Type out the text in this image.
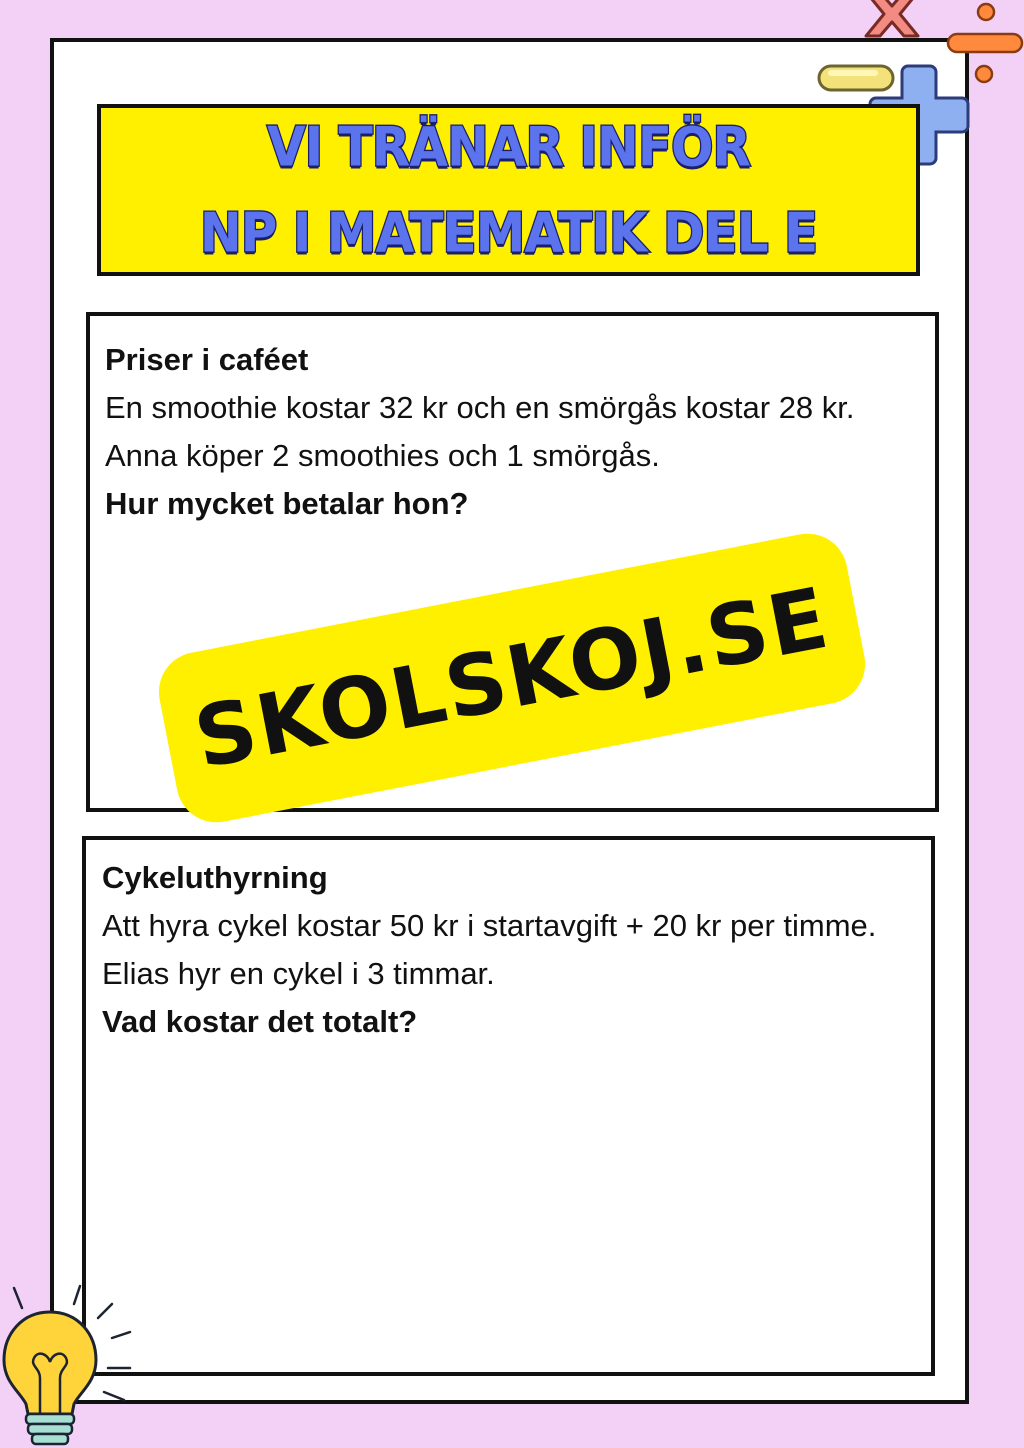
VI TRÄNAR INFÖR
NP I MATEMATIK DEL E

Priser i caféet

En smoothie kostar 32 kr och en smörgås kostar 28 kr.

Anna köper 2 smoothies och 1 smörgås.

Hur mycket betalar hon?

Cykeluthyrning

Att hyra cykel kostar 50 kr i startavgift + 20 kr per timme.

Elias hyr en cykel i 3 timmar.

Vad kostar det totalt?

SKOLSKOJ.SE
